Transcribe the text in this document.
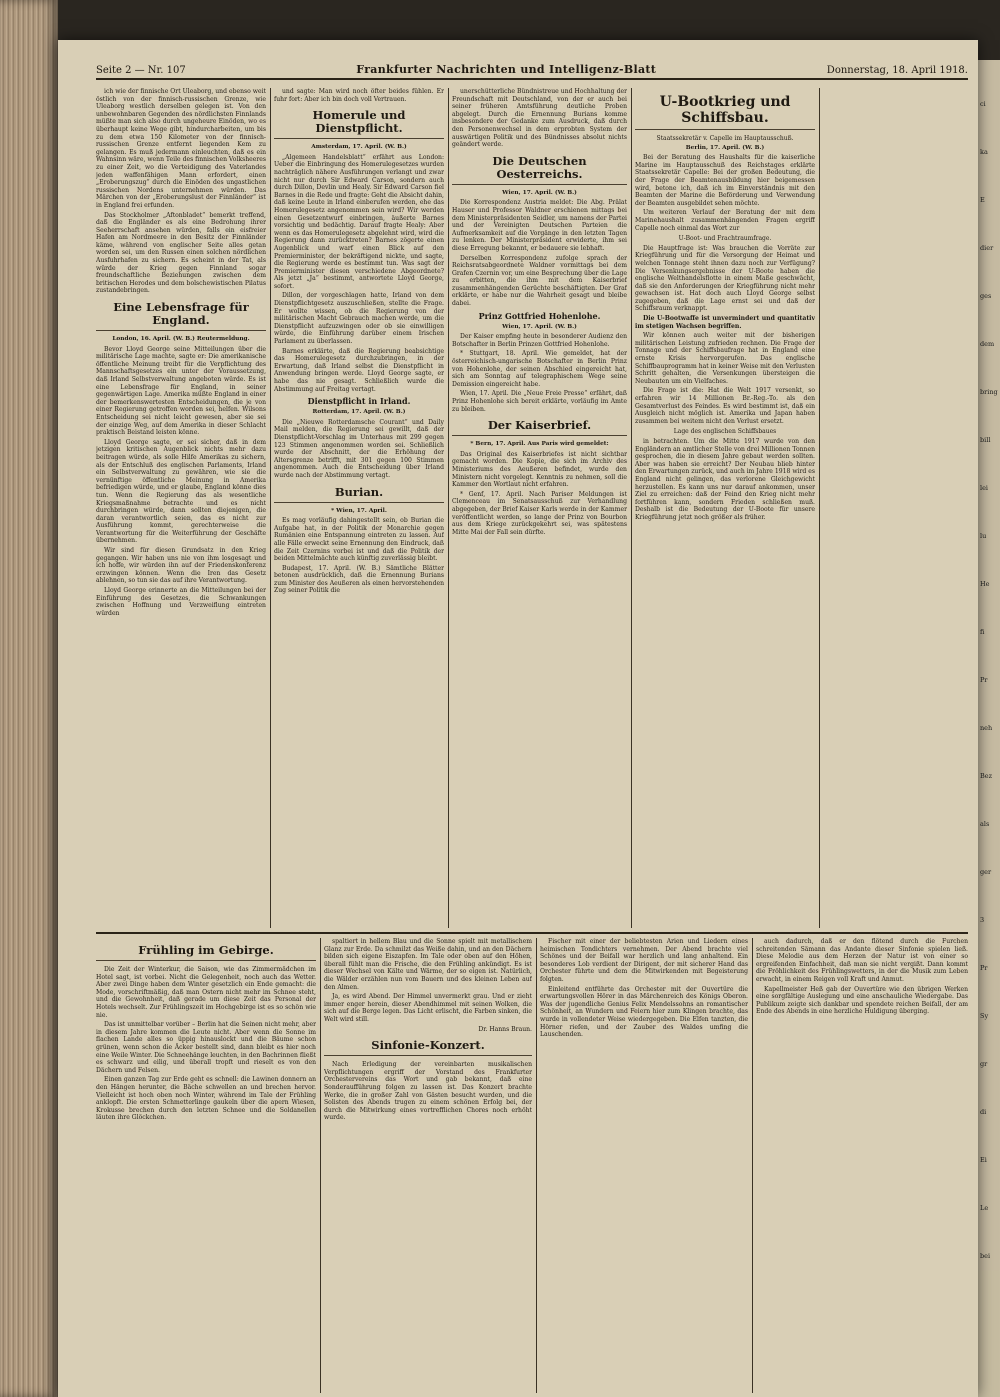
ci
ka
E
dier
ges
dem
bring
bill
lei
lu
He
fi
Pr
neh
Bez
als
ger
3
Pr
Sy
gr
di
Ei
Le
bei
Seite 2 — Nr. 107	Frankfurter Nachrichten und Intelligenz-Blatt	Donnerstag, 18. April 1918.

ich wie der finnische Ort Uleaborg, und ebenso weit östlich von der finnisch-russischen Grenze, wie Uleaborg westlich derselben gelegen ist. Von den unbewohnbaren Gegenden des nördlichsten Finnlands müßte man sich also durch ungeheure Einöden, wo es überhaupt keine Wege gibt, hindurcharbeiten, um bis zu dem etwa 150 Kilometer von der finnisch-russischen Grenze entfernt liegenden Kem zu gelangen. Es muß jedermann einleuchten, daß es ein Wahnsinn wäre, wenn Teile des finnischen Volksheeres zu einer Zeit, wo die Verteidigung des Vaterlandes jeden waffenfähigen Mann erfordert, einen „Eroberungszug“ durch die Einöden des ungastlichen russischen Nordens unternehmen würden. Das Märchen von der „Eroberungslust der Finnländer“ ist in England frei erfunden.

Das Stockholmer „Aftonbladet“ bemerkt treffend, daß die Engländer es als eine Bedrohung ihrer Seeherrschaft ansehen würden, falls ein eisfreier Hafen am Nordmeere in den Besitz der Finnländer käme, während von englischer Seite alles getan worden sei, um den Russen einen solchen nördlichen Ausfuhrhafen zu sichern. Es scheint in der Tat, als würde der Krieg gegen Finnland sogar freundschaftliche Beziehungen zwischen dem britischen Herodes und dem bolschewistischen Pilatus zustandebringen.

Eine Lebensfrage für England.
London, 16. April. (W. B.) Reutermeldung.

Bevor Lloyd George seine Mitteilungen über die militärische Lage machte, sagte er: Die amerikanische öffentliche Meinung treibt für die Verpflichtung des Mannschaftsgesetzes ein unter der Voraussetzung, daß Irland Selbstverwaltung angeboten würde. Es ist eine Lebensfrage für England, in seiner gegenwärtigen Lage. Amerika müßte England in einer der bemerkenswertesten Entscheidungen, die je von einer Regierung getroffen worden sei, helfen. Wilsons Entscheidung sei nicht leicht gewesen, aber sie sei der einzige Weg, auf dem Amerika in dieser Schlacht praktisch Beistand leisten könne.

Lloyd George sagte, er sei sicher, daß in dem jetzigen kritischen Augenblick nichts mehr dazu beitragen würde, als solle Hilfe Amerikas zu sichern, als der Entschluß des englischen Parlaments, Irland ein Selbstverwaltung zu gewähren, wie sie die vernünftige öffentliche Meinung in Amerika befriedigen würde, und er glaube, England könne dies tun. Wenn die Regierung das als wesentliche Kriegsmaßnahme betrachte und es nicht durchbringen würde, dann sollten diejenigen, die daran verantwortlich seien, das es nicht zur Ausführung kommt, gerechterweise die Verantwortung für die Weiterführung der Geschäfte übernehmen.

Wir sind für diesen Grundsatz in den Krieg gegangen. Wir haben uns nie von ihm losgesagt und ich hoffe, wir würden ihn auf der Friedenskonferenz erzwingen können. Wenn die Iren das Gesetz ablehnen, so tun sie das auf ihre Verantwortung.

Lloyd George erinnerte an die Mitteilungen bei der Einführung des Gesetzes, die Schwankungen zwischen Hoffnung und Verzweiflung eintreten würden

und sagte: Man wird noch öfter beides fühlen. Er fuhr fort: Aber ich bin doch voll Vertrauen.

Homerule und Dienstpflicht.
Amsterdam, 17. April. (W. B.)

„Algemeen Handelsblatt“ erfährt aus London: Ueber die Einbringung des Homerulegesetzes wurden nachträglich nähere Ausführungen verlangt und zwar nicht nur durch Sir Edward Carson, sondern auch durch Dillon, Devlin und Healy. Sir Edward Carson fiel Barnes in die Rede und fragte: Geht die Absicht dahin, daß keine Leute in Irland einberufen werden, ehe das Homerulegesetz angenommen sein wird? Wir werden einen Gesetzentwurf einbringen, äußerte Barnes vorsichtig und bedächtig. Darauf fragte Healy: Aber wenn es das Homerulegesetz abgelehnt wird, wird die Regierung dann zurücktreten? Barnes zögerte einen Augenblick und warf einen Blick auf den Premierminister, der bekräftigend nickte, und sagte, die Regierung werde es bestimmt tun. Was sagt der Premierminister diesen verschiedene Abgeordnete? Als jetzt „Ja“ bestimmt, antwortete Lloyd George, sofort.

Dillon, der vorgeschlagen hatte, Irland von dem Dienstpflichtgesetz auszuschließen, stellte die Frage. Er wollte wissen, ob die Regierung von der militärischen Macht Gebrauch machen werde, um die Dienstpflicht aufzuzwingen oder ob sie einwilligen würde, die Einführung darüber einem Irischen Parlament zu überlassen.

Barnes erklärte, daß die Regierung beabsichtige das Homerulegesetz durchzubringen, in der Erwartung, daß Irland selbst die Dienstpflicht in Anwendung bringen werde. Lloyd George sagte, er habe das nie gesagt. Schließlich wurde die Abstimmung auf Freitag vertagt.

Dienstpflicht in Irland.
Rotterdam, 17. April. (W. B.)

Die „Nieuwe Rotterdamsche Courant“ und Daily Mail melden, die Regierung sei gewillt, daß der Dienstpflicht-Vorschlag im Unterhaus mit 299 gegen 123 Stimmen angenommen worden sei. Schließlich wurde der Abschnitt, der die Erhöhung der Altersgrenze betrifft, mit 301 gegen 100 Stimmen angenommen. Auch die Entscheidung über Irland wurde nach der Abstimmung vertagt.

Burian.
* Wien, 17. April.

Es mag vorläufig dahingestellt sein, ob Burian die Aufgabe hat, in der Politik der Monarchie gegen Rumänien eine Entspannung eintreten zu lassen. Auf alle Fälle erweckt seine Ernennung den Eindruck, daß die Zeit Czernins vorbei ist und daß die Politik der beiden Mittelmächte auch künftig zuverlässig bleibt.

Budapest, 17. April. (W. B.) Sämtliche Blätter betonen ausdrücklich, daß die Ernennung Burians zum Minister des Aeußeren als einen hervorstehenden Zug seiner Politik die

unerschütterliche Bündnistreue und Hochhaltung der Freundschaft mit Deutschland, von der er auch bei seiner früheren Amtsführung deutliche Proben abgelegt. Durch die Ernennung Burians komme insbesondere der Gedanke zum Ausdruck, daß durch den Personenwechsel in dem erprobten System der auswärtigen Politik und des Bündnisses absolut nichts geändert werde.

Die Deutschen Oesterreichs.
Wien, 17. April. (W. B.)

Die Korrespondenz Austria meldet: Die Abg. Prälat Hauser und Professor Waldner erschienen mittags bei dem Ministerpräsidenten Seidler, um namens der Partei und der Vereinigten Deutschen Parteien die Aufmerksamkeit auf die Vorgänge in den letzten Tagen zu lenken. Der Ministerpräsident erwiderte, ihm sei diese Erregung bekannt, er bedauere sie lebhaft.

Derselben Korrespondenz zufolge sprach der Reichsratsabgeordnete Waldner vormittags bei dem Grafen Czernin vor, um eine Besprechung über die Lage zu erbitten, die ihm mit dem Kaiserbrief zusammenhängenden Gerüchte beschäftigten. Der Graf erklärte, er habe nur die Wahrheit gesagt und bleibe dabei.

Prinz Gottfried Hohenlohe.
Wien, 17. April. (W. B.)

Der Kaiser empfing heute in besonderer Audienz den Botschafter in Berlin Prinzen Gottfried Hohenlohe.

* Stuttgart, 18. April. Wie gemeldet, hat der österreichisch-ungarische Botschafter in Berlin Prinz von Hohenlohe, der seinen Abschied eingereicht hat, sich am Sonntag auf telegraphischem Wege seine Demission eingereicht habe.

Wien, 17. April. Die „Neue Freie Presse“ erfährt, daß Prinz Hohenlohe sich bereit erklärte, vorläufig im Amte zu bleiben.

Der Kaiserbrief.
* Bern, 17. April. Aus Paris wird gemeldet:

Das Original des Kaiserbriefes ist nicht sichtbar gemacht worden. Die Kopie, die sich im Archiv des Ministeriums des Aeußeren befindet, wurde den Ministern nicht vorgelegt. Kenntnis zu nehmen, soll die Kammer den Wortlaut nicht erfahren.

* Genf, 17. April. Nach Pariser Meldungen ist Clemenceau im Senatsausschuß zur Verhandlung abgegeben, der Brief Kaiser Karls werde in der Kammer veröffentlicht werden, so lange der Prinz von Bourbon aus dem Kriege zurückgekehrt sei, was spätestens Mitte Mai der Fall sein dürfte.

U-Bootkrieg und Schiffsbau.
Staatssekretär v. Capelle im Hauptausschuß.
Berlin, 17. April. (W. B.)

Bei der Beratung des Haushalts für die kaiserliche Marine im Hauptausschuß des Reichstages erklärte Staatssekretär Capelle: Bei der großen Bedeutung, die der Frage der Beamtenausbildung hier beigemessen wird, betone ich, daß ich im Einverständnis mit den Beamten der Marine die Beförderung und Verwendung der Beamten ausgebildet sehen möchte.

Um weiteren Verlauf der Beratung der mit dem Marinehaushalt zusammenhängenden Fragen ergriff Capelle noch einmal das Wort zur

U-Boot- und Frachtraumfrage.

Die Hauptfrage ist: Was brauchen die Vorräte zur Kriegführung und für die Versorgung der Heimat und welchen Tonnage steht ihnen dazu noch zur Verfügung? Die Versenkungsergebnisse der U-Boote haben die englische Welthandelsflotte in einem Maße geschwächt, daß sie den Anforderungen der Kriegführung nicht mehr gewachsen ist. Hat doch auch Lloyd George selbst zugegeben, daß die Lage ernst sei und daß der Schiffsraum verknappt.

Die U-Bootwaffe ist unvermindert und quantitativ im stetigen Wachsen begriffen.

Wir können auch weiter mit der bisherigen militärischen Leistung zufrieden rechnen. Die Frage der Tonnage und der Schiffsbaufrage hat in England eine ernste Krisis hervorgerufen. Das englische Schiffbauprogramm hat in keiner Weise mit den Verlusten Schritt gehalten, die Versenkungen übersteigen die Neubauten um ein Vielfaches.

Die Frage ist die: Hat die Welt 1917 versenkt, so erfahren wir 14 Millionen Br.-Reg.-To. als den Gesamtverlust des Feindes. Es wird bestimmt ist, daß ein Ausgleich nicht möglich ist. Amerika und Japan haben zusammen bei weitem nicht den Verlust ersetzt.

Lage des englischen Schiffsbaues

in betrachten. Um die Mitte 1917 wurde von den Engländern an amtlicher Stelle von drei Millionen Tonnen gesprochen, die in diesem Jahre gebaut werden sollten. Aber was haben sie erreicht? Der Neubau blieb hinter den Erwartungen zurück, und auch im Jahre 1918 wird es England nicht gelingen, das verlorene Gleichgewicht herzustellen. Es kann uns nur darauf ankommen, unser Ziel zu erreichen: daß der Feind den Krieg nicht mehr fortführen kann, sondern Frieden schließen muß. Deshalb ist die Bedeutung der U-Boote für unsere Kriegführung jetzt noch größer als früher.

Frühling im Gebirge.

Die Zeit der Winterkur, die Saison, wie das Zimmermädchen im Hotel sagt, ist vorbei. Nicht die Gelegenheit, noch auch das Wetter. Aber zwei Dinge haben dem Winter gesetzlich ein Ende gemacht: die Mode, vorschriftmäßig, daß man Ostern nicht mehr im Schnee steht, und die Gewohnheit, daß gerade um diese Zeit das Personal der Hotels wechselt. Zur Frühlingszeit im Hochgebirge ist es so schön wie nie.

Das ist unmittelbar vorüber – Berlin hat die Seinen nicht mehr, aber in diesem Jahre kommen die Leute nicht. Aber wenn die Sonne im flachen Lande alles so üppig hinauslockt und die Bäume schon grünen, wenn schon die Äcker bestellt sind, dann bleibt es hier noch eine Weile Winter. Die Schneehänge leuchten, in den Bachrinnen fließt es schwarz und eilig, und überall tropft und rieselt es von den Dächern und Felsen.

Einen ganzen Tag zur Erde geht es schnell: die Lawinen donnern an den Hängen herunter, die Bäche schwellen an und brechen hervor. Vielleicht ist hoch oben noch Winter, während im Tale der Frühling anklopft. Die ersten Schmetterlinge gaukeln über die apern Wiesen, Krokusse brechen durch den letzten Schnee und die Soldanellen läuten ihre Glöckchen.

spaltiert in hellem Blau und die Sonne spielt mit metallischem Glanz zur Erde. Da schmilzt das Weiße dahin, und an den Dächern bilden sich eigene Eiszapfen. Im Tale oder oben auf den Höhen, überall fühlt man die Frische, die den Frühling ankündigt. Es ist dieser Wechsel von Kälte und Wärme, der so eigen ist. Natürlich, die Wälder erzählen nun vom Bauern und des kleinen Leben auf den Almen.

Ja, es wird Abend. Der Himmel unvermerkt grau. Und er zieht immer enger herein, dieser Abendhimmel mit seinen Wolken, die sich auf die Berge legen. Das Licht erlischt, die Farben sinken, die Welt wird still.

Dr. Hanns Braun.
Sinfonie-Konzert.

Nach Erledigung der vereinbarten musikalischen Verpflichtungen ergriff der Vorstand des Frankfurter Orchestervereins das Wort und gab bekannt, daß eine Sonderaufführung folgen zu lassen ist. Das Konzert brachte Werke, die in großer Zahl von Gästen besucht wurden, und die Solisten des Abends trugen zu einem schönen Erfolg bei, der durch die Mitwirkung eines vortrefflichen Chores noch erhöht wurde.

Fischer mit einer der beliebtesten Arien und Liedern eines heimischen Tondichters vernehmen. Der Abend brachte viel Schönes und der Beifall war herzlich und lang anhaltend. Ein besonderes Lob verdient der Dirigent, der mit sicherer Hand das Orchester führte und dem die Mitwirkenden mit Begeisterung folgten.

Einleitend entführte das Orchester mit der Ouvertüre die erwartungsvollen Hörer in das Märchenreich des Königs Oberon. Was der jugendliche Genius Felix Mendelssohns an romantischer Schönheit, an Wundern und Feiern hier zum Klingen brachte, das wurde in vollendeter Weise wiedergegeben. Die Elfen tanzten, die Hörner riefen, und der Zauber des Waldes umfing die Lauschenden.

auch dadurch, daß er den flötend durch die Furchen schreitenden Sämann das Andante dieser Sinfonie spielen ließ. Diese Melodie aus dem Herzen der Natur ist von einer so ergreifenden Einfachheit, daß man sie nicht vergißt. Dann kommt die Fröhlichkeit des Frühlingswetters, in der die Musik zum Leben erwacht, in einem Reigen voll Kraft und Anmut.

Kapellmeister Heß gab der Ouvertüre wie den übrigen Werken eine sorgfältige Auslegung und eine anschauliche Wiedergabe. Das Publikum zeigte sich dankbar und spendete reichen Beifall, der am Ende des Abends in eine herzliche Huldigung überging.
